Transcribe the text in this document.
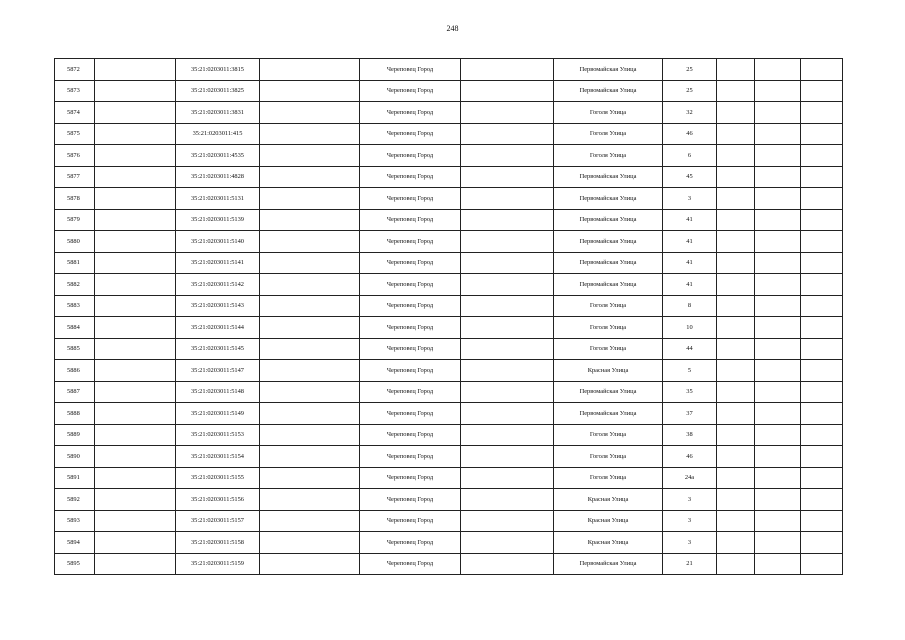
248
5872		35:21:0203011:3815		Череповец Город		Первомайская Улица	25			
5873		35:21:0203011:3825		Череповец Город		Первомайская Улица	25			
5874		35:21:0203011:3831		Череповец Город		Гоголя Улица	32			
5875		35:21:0203011:415		Череповец Город		Гоголя Улица	46			
5876		35:21:0203011:4535		Череповец Город		Гоголя Улица	6			
5877		35:21:0203011:4828		Череповец Город		Первомайская Улица	45			
5878		35:21:0203011:5131		Череповец Город		Первомайская Улица	3			
5879		35:21:0203011:5139		Череповец Город		Первомайская Улица	41			
5880		35:21:0203011:5140		Череповец Город		Первомайская Улица	41			
5881		35:21:0203011:5141		Череповец Город		Первомайская Улица	41			
5882		35:21:0203011:5142		Череповец Город		Первомайская Улица	41			
5883		35:21:0203011:5143		Череповец Город		Гоголя Улица	8			
5884		35:21:0203011:5144		Череповец Город		Гоголя Улица	10			
5885		35:21:0203011:5145		Череповец Город		Гоголя Улица	44			
5886		35:21:0203011:5147		Череповец Город		Красная Улица	5			
5887		35:21:0203011:5148		Череповец Город		Первомайская Улица	35			
5888		35:21:0203011:5149		Череповец Город		Первомайская Улица	37			
5889		35:21:0203011:5153		Череповец Город		Гоголя Улица	38			
5890		35:21:0203011:5154		Череповец Город		Гоголя Улица	46			
5891		35:21:0203011:5155		Череповец Город		Гоголя Улица	24а			
5892		35:21:0203011:5156		Череповец Город		Красная Улица	3			
5893		35:21:0203011:5157		Череповец Город		Красная Улица	3			
5894		35:21:0203011:5158		Череповец Город		Красная Улица	3			
5895		35:21:0203011:5159		Череповец Город		Первомайская Улица	21			
